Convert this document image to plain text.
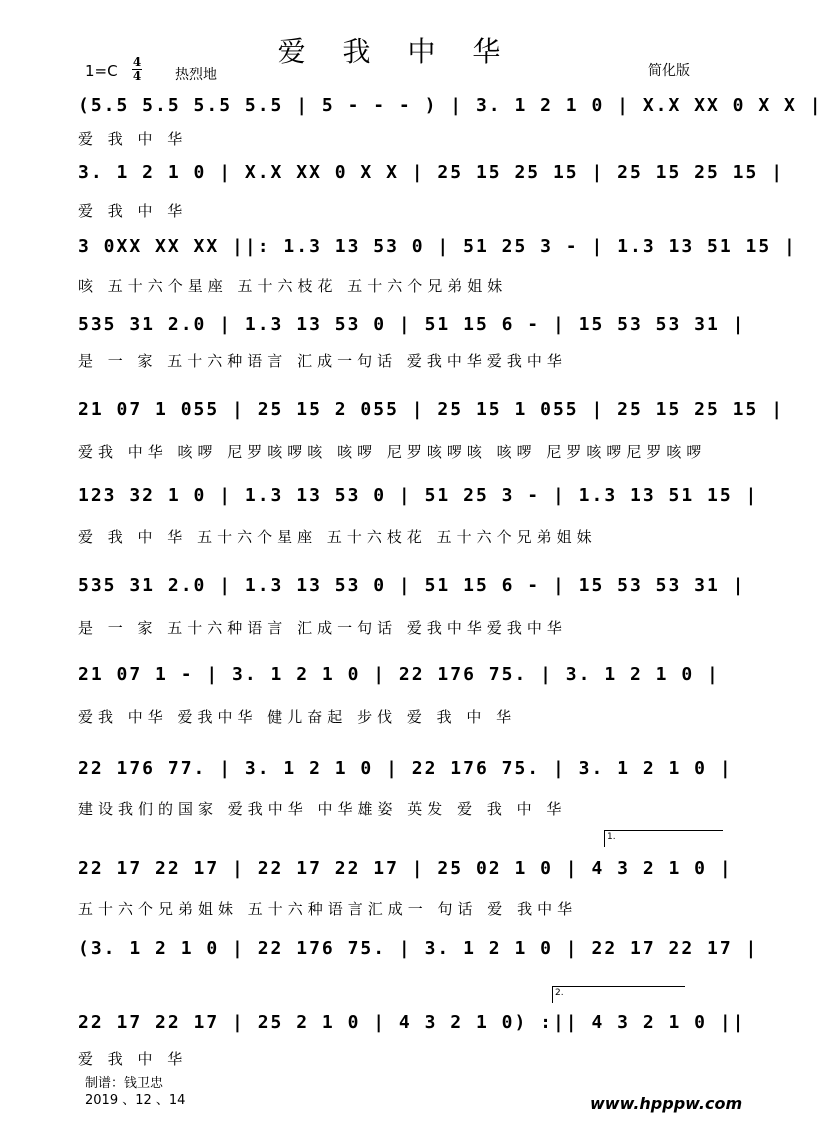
爱 我 中 华
1=C 4
4 热烈地	简化版
(5.5 5.5 5.5 5.5 | 5 - - - ) | 3. 1 2 1 0 | X.X XX 0 X X |
爱 我 中 华
3. 1 2 1 0 | X.X XX 0 X X | 25 15 25 15 | 25 15 25 15 |
爱 我 中 华
3 0XX XX XX ||: 1.3 13 53 0 | 51 25 3 - | 1.3 13 51 15 |
咳 五十六个星座 五十六枝花 五十六个兄弟姐妹
535 31 2.0 | 1.3 13 53 0 | 51 15 6 - | 15 53 53 31 |
是 一 家 五十六种语言 汇成一句话 爱我中华爱我中华
21 07 1 055 | 25 15 2 055 | 25 15 1 055 | 25 15 25 15 |
爱我 中华 咳啰 尼罗咳啰咳 咳啰 尼罗咳啰咳 咳啰 尼罗咳啰尼罗咳啰
123 32 1 0 | 1.3 13 53 0 | 51 25 3 - | 1.3 13 51 15 |
爱 我 中 华 五十六个星座 五十六枝花 五十六个兄弟姐妹
535 31 2.0 | 1.3 13 53 0 | 51 15 6 - | 15 53 53 31 |
是 一 家 五十六种语言 汇成一句话 爱我中华爱我中华
21 07 1 - | 3. 1 2 1 0 | 22 176 75. | 3. 1 2 1 0 |
爱我 中华 爱我中华 健儿奋起 步伐 爱 我 中 华
22 176 77. | 3. 1 2 1 0 | 22 176 75. | 3. 1 2 1 0 |
建设我们的国家 爱我中华 中华雄姿 英发 爱 我 中 华
1.
22 17 22 17 | 22 17 22 17 | 25 02 1 0 | 4 3 2 1 0 |
五十六个兄弟姐妹 五十六种语言汇成一 句话 爱 我中华
(3. 1 2 1 0 | 22 176 75. | 3. 1 2 1 0 | 22 17 22 17 |
2.
22 17 22 17 | 25 2 1 0 | 4 3 2 1 0) :|| 4 3 2 1 0 ||
爱 我 中 华
制谱：钱卫忠
2019 、12 、14	www.hpppw.com
